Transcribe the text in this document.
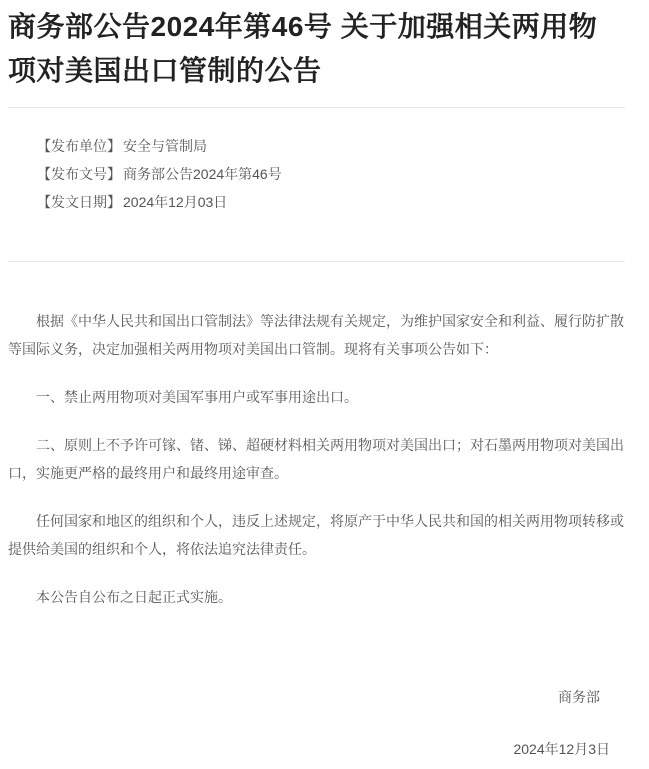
商务部公告2024年第46号 关于加强相关两用物项对美国出口管制的公告
【发布单位】 安全与管制局
【发布文号】 商务部公告2024年第46号
【发文日期】 2024年12月03日

根据《中华人民共和国出口管制法》等法律法规有关规定，为维护国家安全和利益、履行防扩散等国际义务，决定加强相关两用物项对美国出口管制。现将有关事项公告如下：

一、禁止两用物项对美国军事用户或军事用途出口。

二、原则上不予许可镓、锗、锑、超硬材料相关两用物项对美国出口；对石墨两用物项对美国出口，实施更严格的最终用户和最终用途审查。

任何国家和地区的组织和个人，违反上述规定，将原产于中华人民共和国的相关两用物项转移或提供给美国的组织和个人，将依法追究法律责任。

本公告自公布之日起正式实施。

商务部

2024年12月3日
